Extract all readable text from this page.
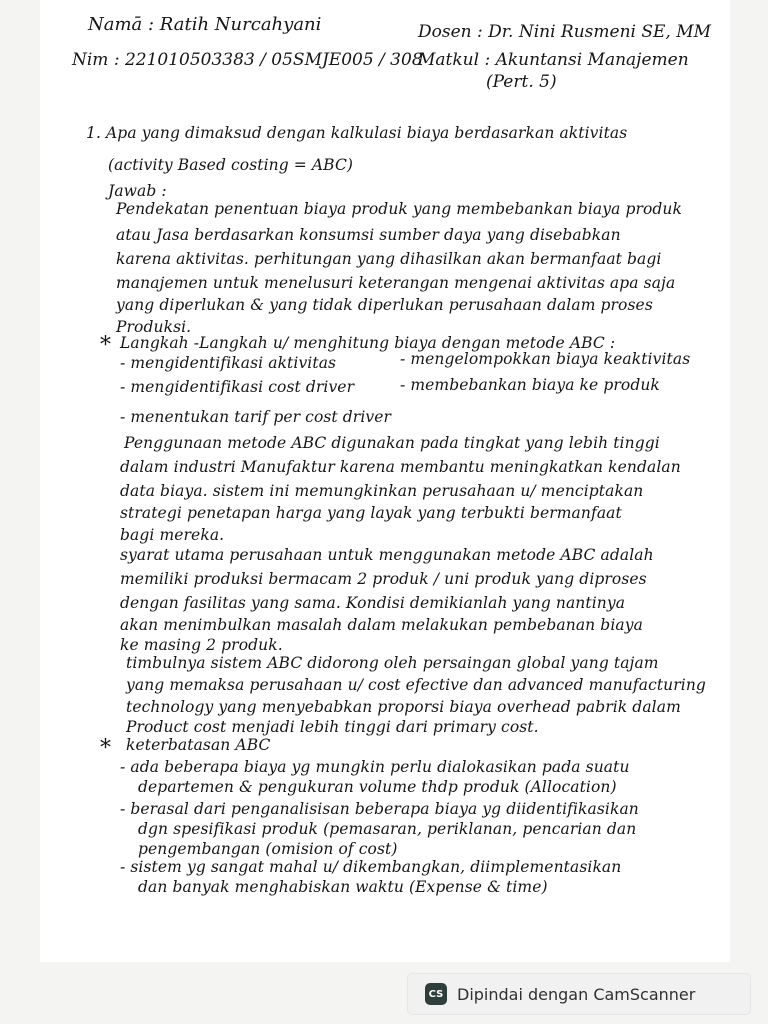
Namā : Ratih Nurcahyani
Nim : 221010503383 / 05SMJE005 / 308
Dosen : Dr. Nini Rusmeni SE, MM
Matkul : Akuntansi Manajemen
(Pert. 5)
1. Apa yang dimaksud dengan kalkulasi biaya berdasarkan aktivitas
(activity Based costing = ABC)
Jawab :
Pendekatan penentuan biaya produk yang membebankan biaya produk
atau Jasa berdasarkan konsumsi sumber daya yang disebabkan
karena aktivitas. perhitungan yang dihasilkan akan bermanfaat bagi
manajemen untuk menelusuri keterangan mengenai aktivitas apa saja
yang diperlukan & yang tidak diperlukan perusahaan dalam proses
Produksi.
* Langkah -Langkah u/ menghitung biaya dengan metode ABC :
- mengidentifikasi aktivitas	- mengelompokkan biaya keaktivitas
- mengidentifikasi cost driver	- membebankan biaya ke produk
- menentukan tarif per cost driver
Penggunaan metode ABC digunakan pada tingkat yang lebih tinggi
dalam industri Manufaktur karena membantu meningkatkan kendalan
data biaya. sistem ini memungkinkan perusahaan u/ menciptakan
strategi penetapan harga yang layak yang terbukti bermanfaat
bagi mereka.
syarat utama perusahaan untuk menggunakan metode ABC adalah
memiliki produksi bermacam 2 produk / uni produk yang diproses
dengan fasilitas yang sama. Kondisi demikianlah yang nantinya
akan menimbulkan masalah dalam melakukan pembebanan biaya
ke masing 2 produk.
timbulnya sistem ABC didorong oleh persaingan global yang tajam
yang memaksa perusahaan u/ cost efective dan advanced manufacturing
technology yang menyebabkan proporsi biaya overhead pabrik dalam
Product cost menjadi lebih tinggi dari primary cost.
* keterbatasan ABC
- ada beberapa biaya yg mungkin perlu dialokasikan pada suatu
departemen & pengukuran volume thdp produk (Allocation)
- berasal dari penganalisisan beberapa biaya yg diidentifikasikan
dgn spesifikasi produk (pemasaran, periklanan, pencarian dan
pengembangan (omision of cost)
- sistem yg sangat mahal u/ dikembangkan, diimplementasikan
dan banyak menghabiskan waktu (Expense & time)
CS Dipindai dengan CamScanner
